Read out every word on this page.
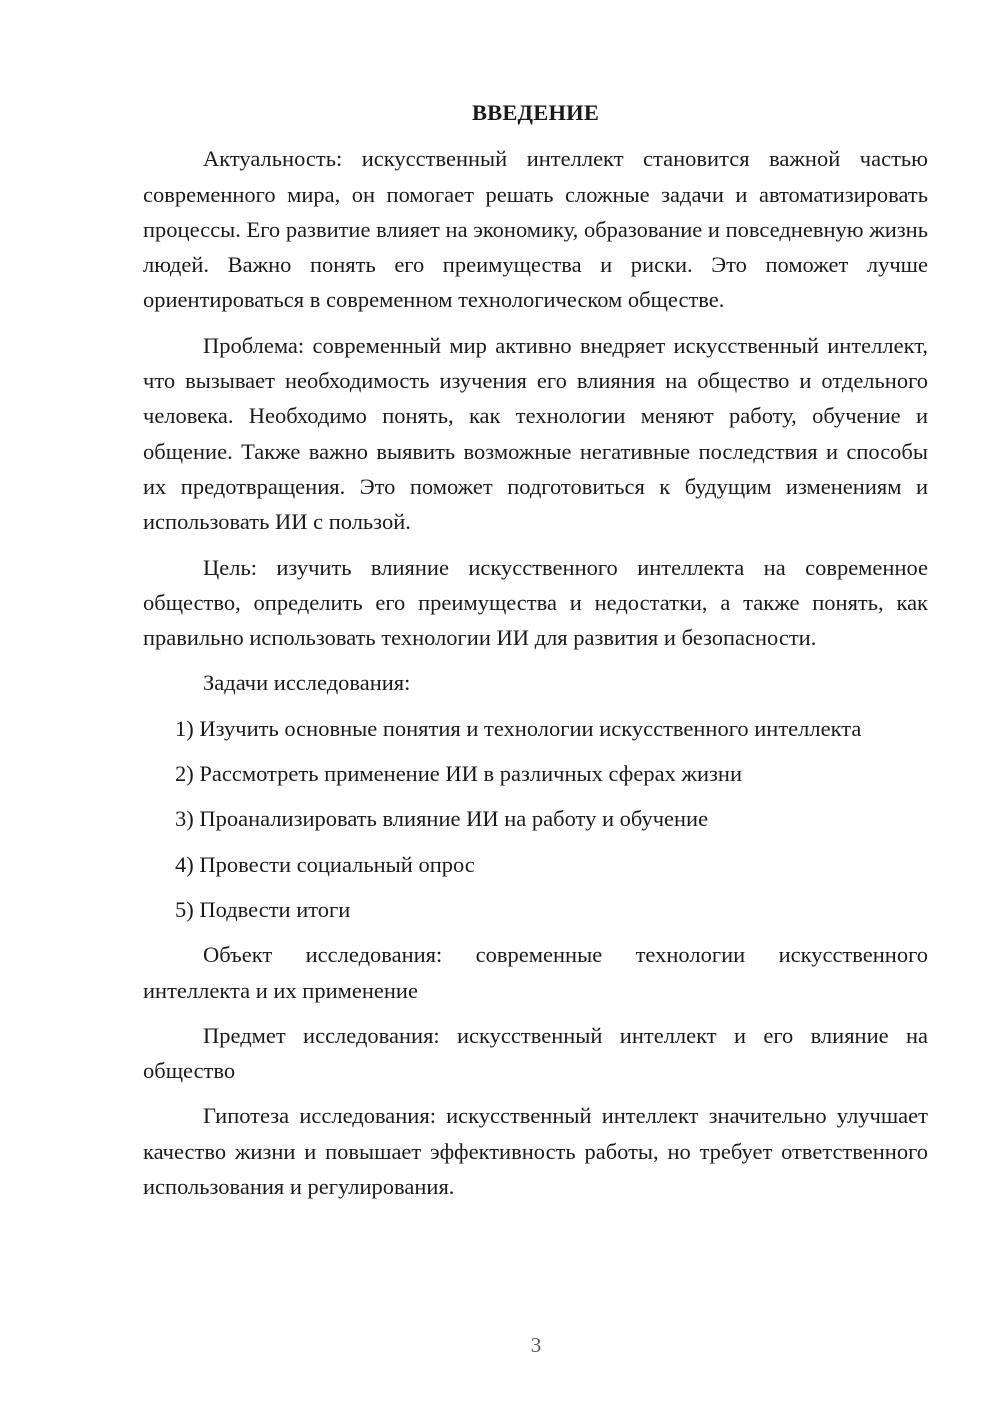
ВВЕДЕНИЕ

Актуальность: искусственный интеллект становится важной частью современного мира, он помогает решать сложные задачи и автоматизировать процессы. Его развитие влияет на экономику, образование и повседневную жизнь людей. Важно понять его преимущества и риски. Это поможет лучше ориентироваться в современном технологическом обществе.

Проблема: современный мир активно внедряет искусственный интеллект, что вызывает необходимость изучения его влияния на общество и отдельного человека. Необходимо понять, как технологии меняют работу, обучение и общение. Также важно выявить возможные негативные последствия и способы их предотвращения. Это поможет подготовиться к будущим изменениям и использовать ИИ с пользой.

Цель: изучить влияние искусственного интеллекта на современное общество, определить его преимущества и недостатки, а также понять, как правильно использовать технологии ИИ для развития и безопасности.

Задачи исследования:

1) Изучить основные понятия и технологии искусственного интеллекта

2) Рассмотреть применение ИИ в различных сферах жизни

3) Проанализировать влияние ИИ на работу и обучение

4) Провести социальный опрос

5) Подвести итоги

Объект исследования: современные технологии искусственного интеллекта и их применение

Предмет исследования: искусственный интеллект и его влияние на общество

Гипотеза исследования: искусственный интеллект значительно улучшает качество жизни и повышает эффективность работы, но требует ответственного использования и регулирования.

3
